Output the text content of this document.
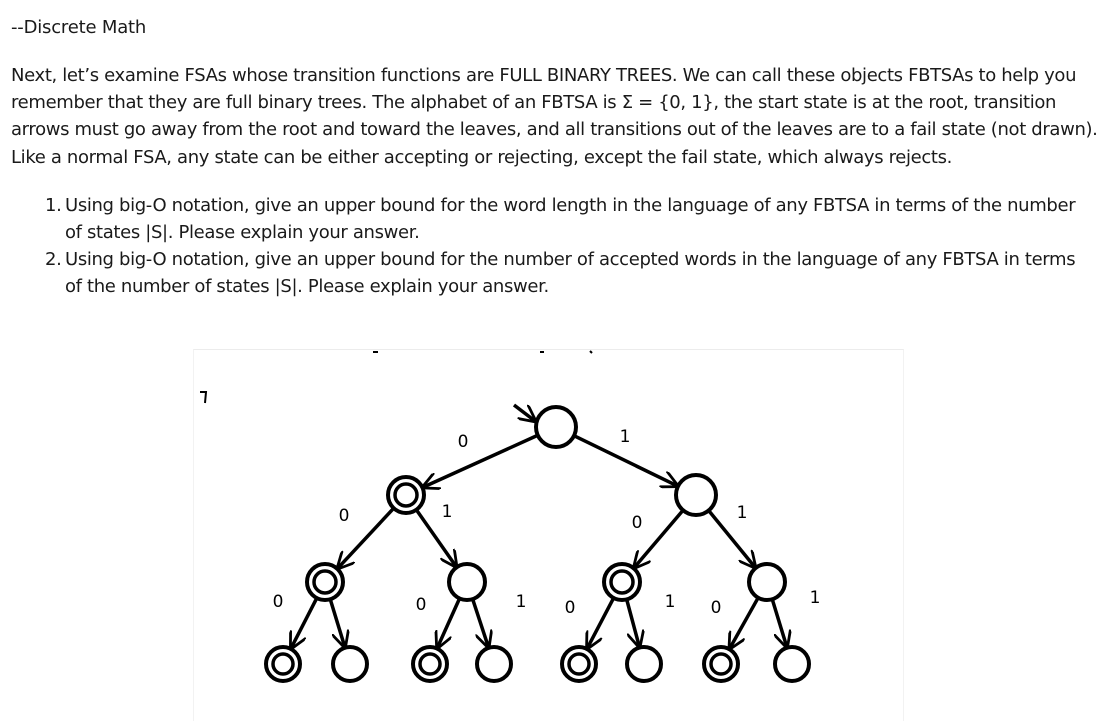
--Discrete Math

Next, let’s examine FSAs whose transition functions are FULL BINARY TREES. We can call these objects FBTSAs to help you remember that they are full binary trees. The alphabet of an FBTSA is Σ = {0, 1}, the start state is at the root, transition arrows must go away from the root and toward the leaves, and all transitions out of the leaves are to a fail state (not drawn). Like a normal FSA, any state can be either accepting or rejecting, except the fail state, which always rejects.

1. Using big-O notation, give an upper bound for the word length in the language of any FBTSA in terms of the number of states |S|. Please explain your answer.
2. Using big-O notation, give an upper bound for the number of accepted words in the language of any FBTSA in terms of the number of states |S|. Please explain your answer.
0	1
0	1
0	1
0	0	1 0	1 0	1
